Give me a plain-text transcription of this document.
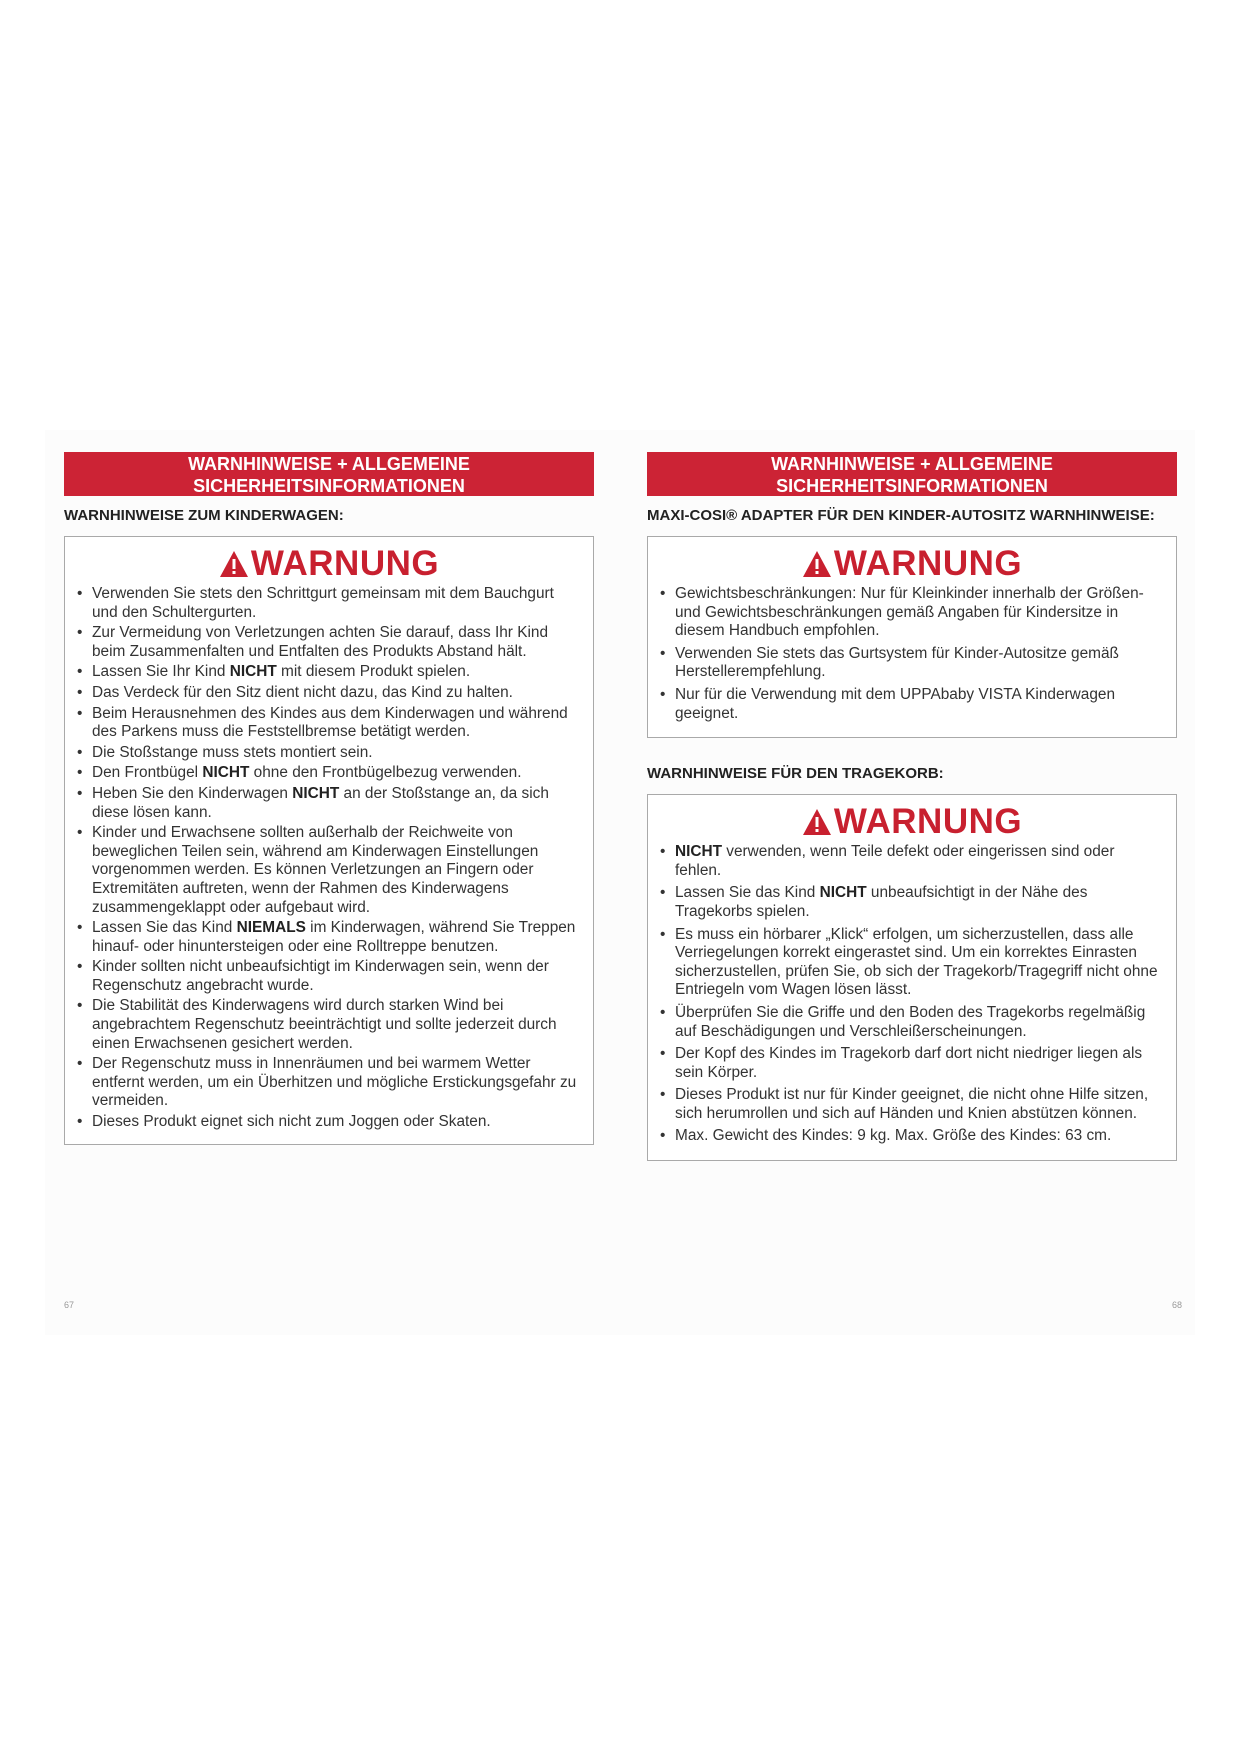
WARNHINWEISE + ALLGEMEINE
SICHERHEITSINFORMATIONEN
WARNHINWEISE ZUM KINDERWAGEN:
WARNUNG
• Verwenden Sie stets den Schrittgurt gemeinsam mit dem Bauchgurt und den Schultergurten.
• Zur Vermeidung von Verletzungen achten Sie darauf, dass Ihr Kind beim Zusammenfalten und Entfalten des Produkts Abstand hält.
• Lassen Sie Ihr Kind NICHT mit diesem Produkt spielen.
• Das Verdeck für den Sitz dient nicht dazu, das Kind zu halten.
• Beim Herausnehmen des Kindes aus dem Kinderwagen und während des Parkens muss die Feststellbremse betätigt werden.
• Die Stoßstange muss stets montiert sein.
• Den Frontbügel NICHT ohne den Frontbügelbezug verwenden.
• Heben Sie den Kinderwagen NICHT an der Stoßstange an, da sich diese lösen kann.
• Kinder und Erwachsene sollten außerhalb der Reichweite von beweglichen Teilen sein, während am Kinderwagen Einstellungen vorgenommen werden. Es können Verletzungen an Fingern oder Extremitäten auftreten, wenn der Rahmen des Kinderwagens zusammengeklappt oder aufgebaut wird.
• Lassen Sie das Kind NIEMALS im Kinderwagen, während Sie Treppen hinauf- oder hinuntersteigen oder eine Rolltreppe benutzen.
• Kinder sollten nicht unbeaufsichtigt im Kinderwagen sein, wenn der Regenschutz angebracht wurde.
• Die Stabilität des Kinderwagens wird durch starken Wind bei angebrachtem Regenschutz beeinträchtigt und sollte jederzeit durch einen Erwachsenen gesichert werden.
• Der Regenschutz muss in Innenräumen und bei warmem Wetter entfernt werden, um ein Überhitzen und mögliche Erstickungsgefahr zu vermeiden.
• Dieses Produkt eignet sich nicht zum Joggen oder Skaten.
WARNHINWEISE + ALLGEMEINE
SICHERHEITSINFORMATIONEN
MAXI-COSI® ADAPTER FÜR DEN KINDER-AUTOSITZ WARNHINWEISE:
WARNUNG
• Gewichtsbeschränkungen: Nur für Kleinkinder innerhalb der Größen- und Gewichtsbeschränkungen gemäß Angaben für Kindersitze in diesem Handbuch empfohlen.
• Verwenden Sie stets das Gurtsystem für Kinder-Autositze gemäß Herstellerempfehlung.
• Nur für die Verwendung mit dem UPPAbaby VISTA Kinderwagen geeignet.
WARNHINWEISE FÜR DEN TRAGEKORB:
WARNUNG
• NICHT verwenden, wenn Teile defekt oder eingerissen sind oder fehlen.
• Lassen Sie das Kind NICHT unbeaufsichtigt in der Nähe des Tragekorbs spielen.
• Es muss ein hörbarer „Klick“ erfolgen, um sicherzustellen, dass alle Verriegelungen korrekt eingerastet sind. Um ein korrektes Einrasten sicherzustellen, prüfen Sie, ob sich der Tragekorb/Tragegriff nicht ohne Entriegeln vom Wagen lösen lässt.
• Überprüfen Sie die Griffe und den Boden des Tragekorbs regelmäßig auf Beschädigungen und Verschleißerscheinungen.
• Der Kopf des Kindes im Tragekorb darf dort nicht niedriger liegen als sein Körper.
• Dieses Produkt ist nur für Kinder geeignet, die nicht ohne Hilfe sitzen, sich herumrollen und sich auf Händen und Knien abstützen können.
• Max. Gewicht des Kindes: 9 kg. Max. Größe des Kindes: 63 cm.
67	68
